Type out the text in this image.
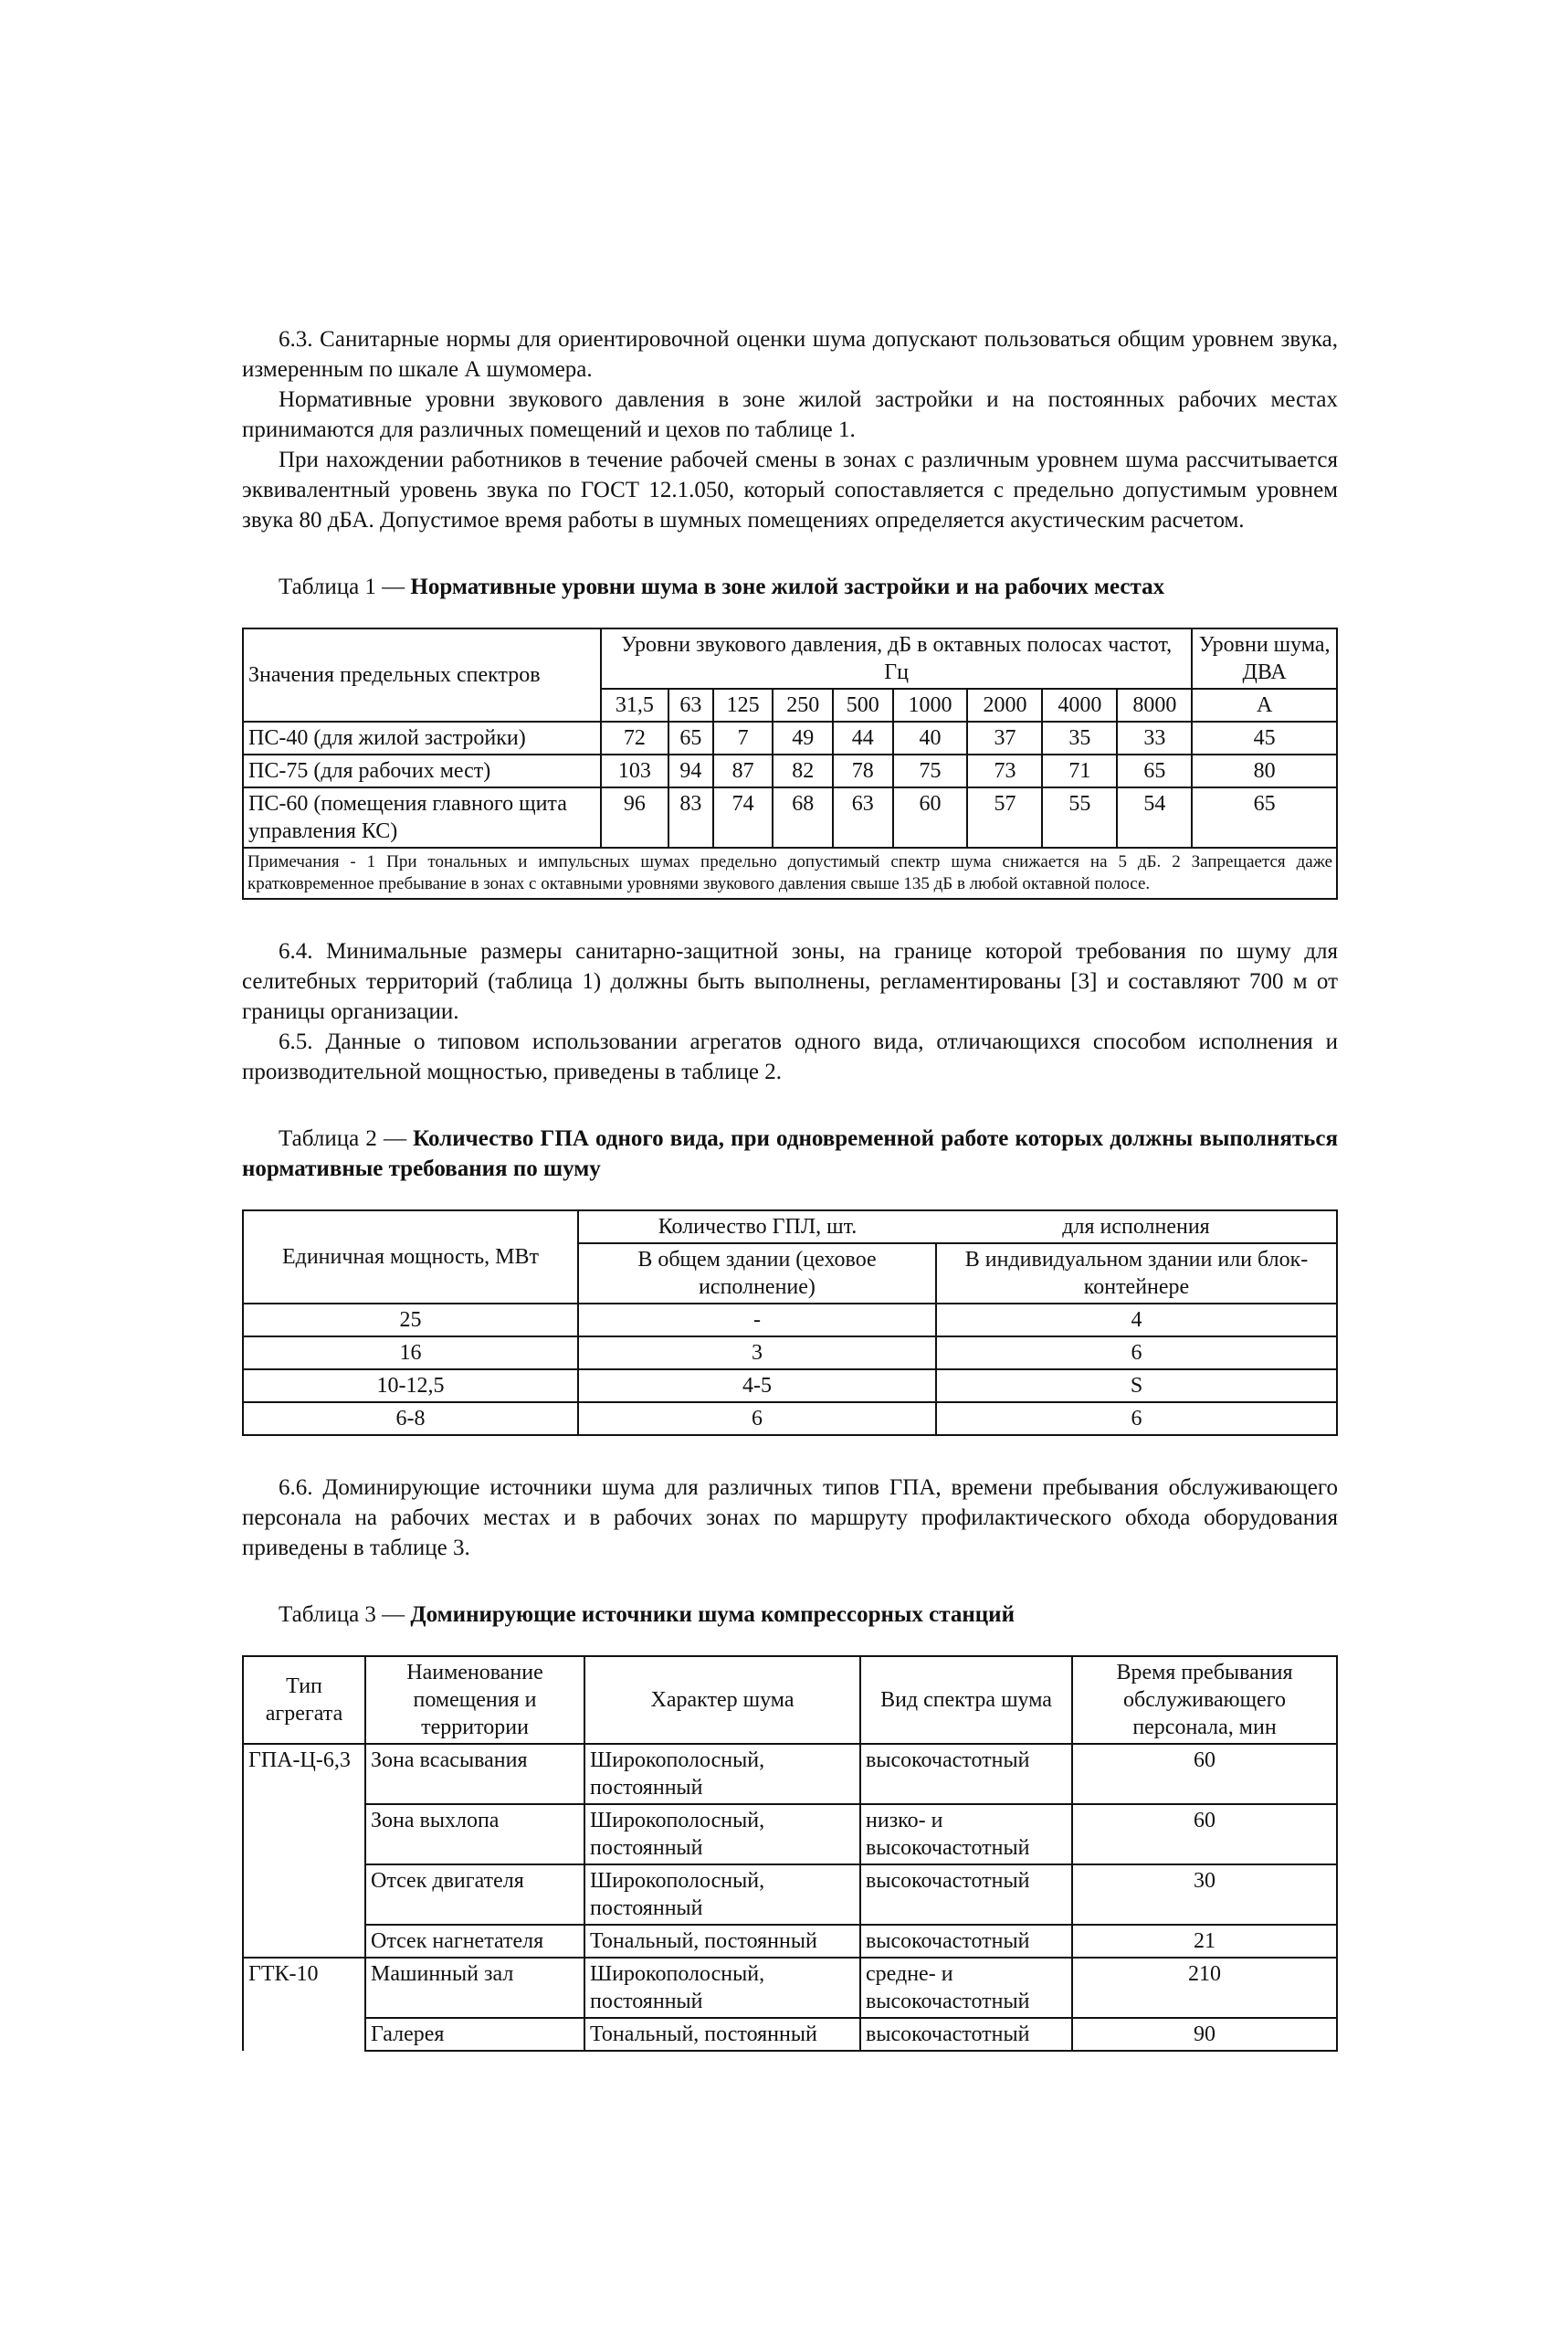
6.3. Санитарные нормы для ориентировочной оценки шума допускают пользоваться общим уровнем звука, измеренным по шкале А шумомера.

Нормативные уровни звукового давления в зоне жилой застройки и на постоянных рабочих местах принимаются для различных помещений и цехов по таблице 1.

При нахождении работников в течение рабочей смены в зонах с различным уровнем шума рассчитывается эквивалентный уровень звука по ГОСТ 12.1.050, который сопоставляется с предельно допустимым уровнем звука 80 дБА. Допустимое время работы в шумных помещениях определяется акустическим расчетом.

Таблица 1 — Нормативные уровни шума в зоне жилой застройки и на рабочих местах
Значения предельных спектров	Уровни звукового давления, дБ в октавных полосах частот, Гц									Уровни шума, ДВА
	31,5	63	125	250	500	1000	2000	4000	8000	А
ПС-40 (для жилой застройки)	72	65	7	49	44	40	37	35	33	45
ПС-75 (для рабочих мест)	103	94	87	82	78	75	73	71	65	80
ПС-60 (помещения главного щита управления КС)	96	83	74	68	63	60	57	55	54	65
Примечания - 1 При тональных и импульсных шумах предельно допустимый спектр шума снижается на 5 дБ. 2 Запрещается даже кратковременное пребывание в зонах с октавными уровнями звукового давления свыше 135 дБ в любой октавной полосе.										

6.4. Минимальные размеры санитарно-защитной зоны, на границе которой требования по шуму для селитебных территорий (таблица 1) должны быть выполнены, регламентированы [3] и составляют 700 м от границы организации.

6.5. Данные о типовом использовании агрегатов одного вида, отличающихся способом исполнения и производительной мощностью, приведены в таблице 2.

Таблица 2 — Количество ГПА одного вида, при одновременной работе которых должны выполняться нормативные требования по шуму
Единичная мощность, МВт	Количество ГПЛ, шт.	для исполнения
	В общем здании (цеховое исполнение)	В индивидуальном здании или блок-контейнере
25	-	4
16	3	6
10-12,5	4-5	S
6-8	6	6

6.6. Доминирующие источники шума для различных типов ГПА, времени пребывания обслуживающего персонала на рабочих местах и в рабочих зонах по маршруту профилактического обхода оборудования приведены в таблице 3.

Таблица 3 — Доминирующие источники шума компрессорных станций
Тип агрегата	Наименование помещения и территории	Характер шума	Вид спектра шума	Время пребывания обслуживающего персонала, мин
ГПА-Ц-6,3	Зона всасывания	Широкополосный, постоянный	высокочастотный	60
	Зона выхлопа	Широкополосный, постоянный	низко- и высокочастотный	60
	Отсек двигателя	Широкополосный, постоянный	высокочастотный	30
	Отсек нагнетателя	Тональный, постоянный	высокочастотный	21
ГТК-10	Машинный зал	Широкополосный, постоянный	средне- и высокочастотный	210
	Галерея	Тональный, постоянный	высокочастотный	90
